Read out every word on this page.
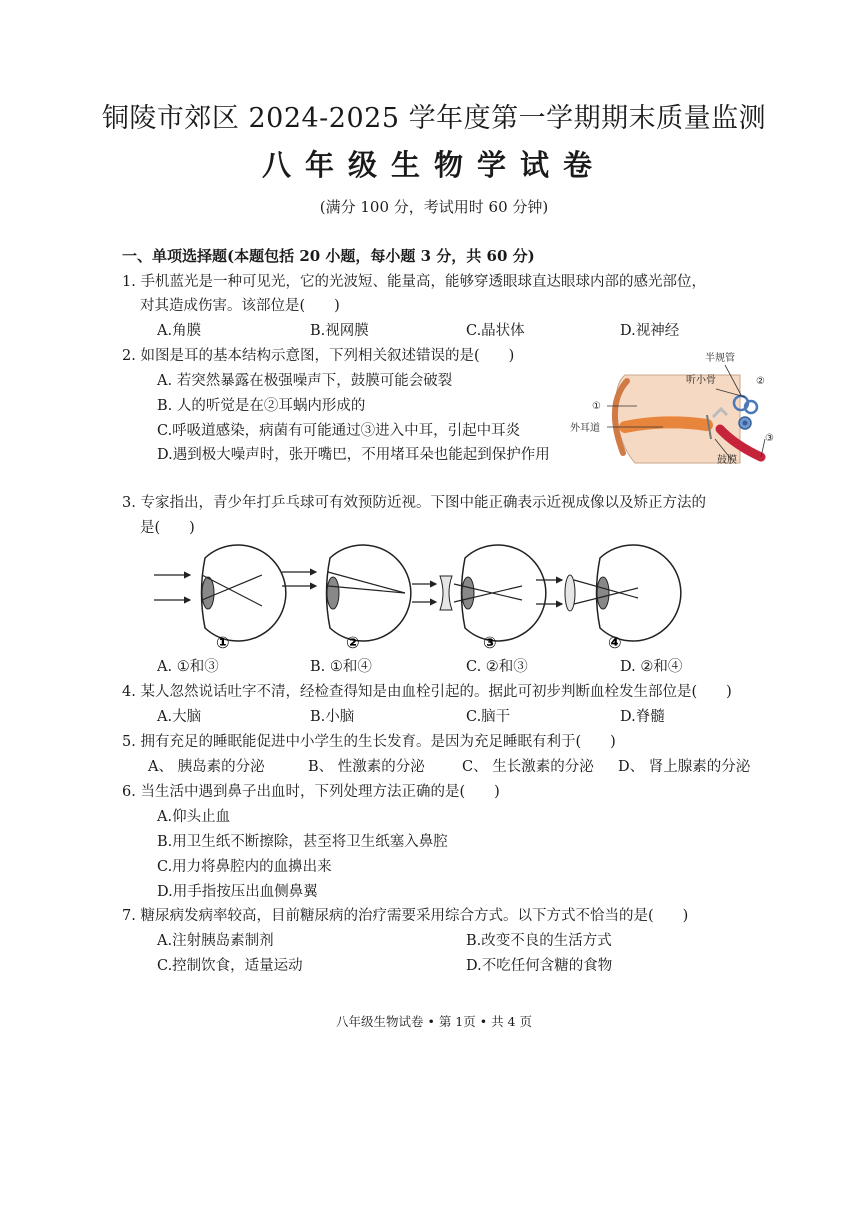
铜陵市郊区 2024-2025 学年度第一学期期末质量监测
八年级生物学试卷
(满分 100 分，考试用时 60 分钟)
一、单项选择题(本题包括 20 小题，每小题 3 分，共 60 分)
1. 手机蓝光是一种可见光，它的光波短、能量高，能够穿透眼球直达眼球内部的感光部位，
对其造成伤害。该部位是(　　)
A.角膜	B.视网膜	C.晶状体	D.视神经
2. 如图是耳的基本结构示意图，下列相关叙述错误的是(　　)
A. 若突然暴露在极强噪声下，鼓膜可能会破裂
B. 人的听觉是在②耳蜗内形成的
C.呼吸道感染，病菌有可能通过③进入中耳，引起中耳炎
D.遇到极大噪声时，张开嘴巴，不用堵耳朵也能起到保护作用
半规管
听小骨	②
①
外耳道
③
鼓膜
3. 专家指出，青少年打乒乓球可有效预防近视。下图中能正确表示近视成像以及矫正方法的
是(　　)
①	②	③	④
A. ①和③	B. ①和④	C. ②和③	D. ②和④
4. 某人忽然说话吐字不清，经检查得知是由血栓引起的。据此可初步判断血栓发生部位是(　　)
A.大脑	B.小脑	C.脑干	D.脊髓
5. 拥有充足的睡眠能促进中小学生的生长发育。是因为充足睡眠有利于(　　)
A、 胰岛素的分泌	B、 性激素的分泌	C、 生长激素的分泌 D、 肾上腺素的分泌
6. 当生活中遇到鼻子出血时，下列处理方法正确的是(　　)
A.仰头止血
B.用卫生纸不断擦除，甚至将卫生纸塞入鼻腔
C.用力将鼻腔内的血擤出来
D.用手指按压出血侧鼻翼
7. 糖尿病发病率较高，目前糖尿病的治疗需要采用综合方式。以下方式不恰当的是(　　)
A.注射胰岛素制剂	B.改变不良的生活方式
C.控制饮食，适量运动	D.不吃任何含糖的食物
八年级生物试卷 • 第 1页 • 共 4 页
